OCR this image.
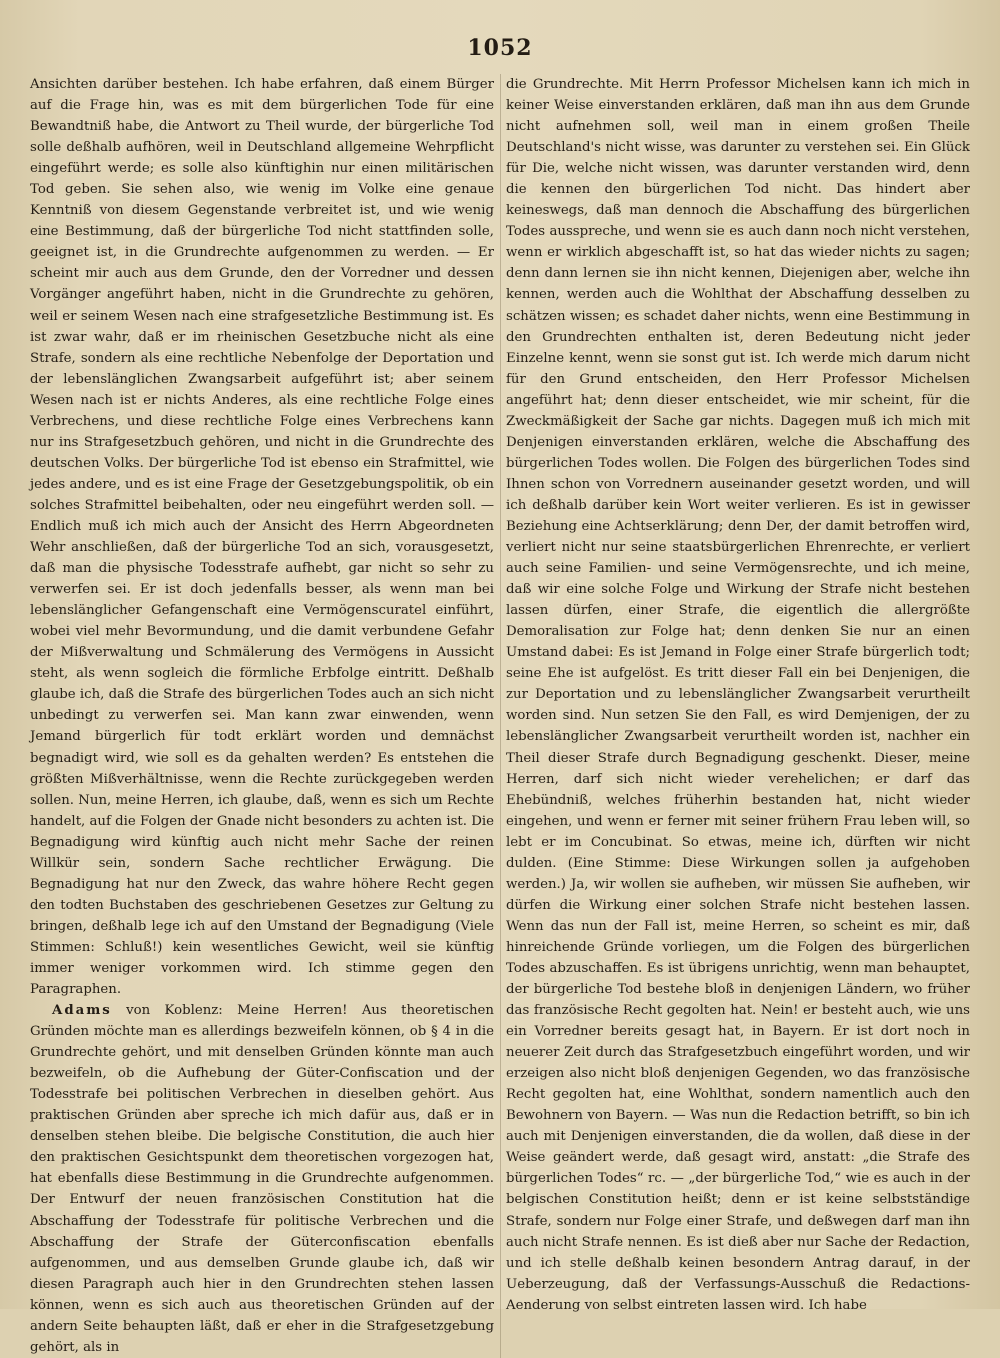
1052

Ansichten darüber bestehen. Ich habe erfahren, daß einem Bürger auf die Frage hin, was es mit dem bürgerlichen Tode für eine Bewandtniß habe, die Antwort zu Theil wurde, der bürgerliche Tod solle deßhalb aufhören, weil in Deutschland allgemeine Wehrpflicht eingeführt werde; es solle also künftighin nur einen militärischen Tod geben. Sie sehen also, wie wenig im Volke eine genaue Kenntniß von diesem Gegenstande verbreitet ist, und wie wenig eine Bestimmung, daß der bürgerliche Tod nicht stattfinden solle, geeignet ist, in die Grundrechte aufgenommen zu werden. — Er scheint mir auch aus dem Grunde, den der Vorredner und dessen Vorgänger angeführt haben, nicht in die Grundrechte zu gehören, weil er seinem Wesen nach eine strafgesetzliche Bestimmung ist. Es ist zwar wahr, daß er im rheinischen Gesetzbuche nicht als eine Strafe, sondern als eine rechtliche Nebenfolge der Deportation und der lebenslänglichen Zwangsarbeit aufgeführt ist; aber seinem Wesen nach ist er nichts Anderes, als eine rechtliche Folge eines Verbrechens, und diese rechtliche Folge eines Verbrechens kann nur ins Strafgesetzbuch gehören, und nicht in die Grundrechte des deutschen Volks. Der bürgerliche Tod ist ebenso ein Strafmittel, wie jedes andere, und es ist eine Frage der Gesetzgebungspolitik, ob ein solches Strafmittel beibehalten, oder neu eingeführt werden soll. — Endlich muß ich mich auch der Ansicht des Herrn Abgeordneten Wehr anschließen, daß der bürgerliche Tod an sich, vorausgesetzt, daß man die physische Todesstrafe aufhebt, gar nicht so sehr zu verwerfen sei. Er ist doch jedenfalls besser, als wenn man bei lebenslänglicher Gefangenschaft eine Vermögenscuratel einführt, wobei viel mehr Bevormundung, und die damit verbundene Gefahr der Mißverwaltung und Schmälerung des Vermögens in Aussicht steht, als wenn sogleich die förmliche Erbfolge eintritt. Deßhalb glaube ich, daß die Strafe des bürgerlichen Todes auch an sich nicht unbedingt zu verwerfen sei. Man kann zwar einwenden, wenn Jemand bürgerlich für todt erklärt worden und demnächst begnadigt wird, wie soll es da gehalten werden? Es entstehen die größten Mißverhältnisse, wenn die Rechte zurückgegeben werden sollen. Nun, meine Herren, ich glaube, daß, wenn es sich um Rechte handelt, auf die Folgen der Gnade nicht besonders zu achten ist. Die Begnadigung wird künftig auch nicht mehr Sache der reinen Willkür sein, sondern Sache rechtlicher Erwägung. Die Begnadigung hat nur den Zweck, das wahre höhere Recht gegen den todten Buchstaben des geschriebenen Gesetzes zur Geltung zu bringen, deßhalb lege ich auf den Umstand der Begnadigung (Viele Stimmen: Schluß!) kein wesentliches Gewicht, weil sie künftig immer weniger vorkommen wird. Ich stimme gegen den Paragraphen.

Adams von Koblenz: Meine Herren! Aus theoretischen Gründen möchte man es allerdings bezweifeln können, ob § 4 in die Grundrechte gehört, und mit denselben Gründen könnte man auch bezweifeln, ob die Aufhebung der Güter-Confiscation und der Todesstrafe bei politischen Verbrechen in dieselben gehört. Aus praktischen Gründen aber spreche ich mich dafür aus, daß er in denselben stehen bleibe. Die belgische Constitution, die auch hier den praktischen Gesichtspunkt dem theoretischen vorgezogen hat, hat ebenfalls diese Bestimmung in die Grundrechte aufgenommen. Der Entwurf der neuen französischen Constitution hat die Abschaffung der Todesstrafe für politische Verbrechen und die Abschaffung der Strafe der Güterconfiscation ebenfalls aufgenommen, und aus demselben Grunde glaube ich, daß wir diesen Paragraph auch hier in den Grundrechten stehen lassen können, wenn es sich auch aus theoretischen Gründen auf der andern Seite behaupten läßt, daß er eher in die Strafgesetzgebung gehört, als in

die Grundrechte. Mit Herrn Professor Michelsen kann ich mich in keiner Weise einverstanden erklären, daß man ihn aus dem Grunde nicht aufnehmen soll, weil man in einem großen Theile Deutschland's nicht wisse, was darunter zu verstehen sei. Ein Glück für Die, welche nicht wissen, was darunter verstanden wird, denn die kennen den bürgerlichen Tod nicht. Das hindert aber keineswegs, daß man dennoch die Abschaffung des bürgerlichen Todes ausspreche, und wenn sie es auch dann noch nicht verstehen, wenn er wirklich abgeschafft ist, so hat das wieder nichts zu sagen; denn dann lernen sie ihn nicht kennen, Diejenigen aber, welche ihn kennen, werden auch die Wohlthat der Abschaffung desselben zu schätzen wissen; es schadet daher nichts, wenn eine Bestimmung in den Grundrechten enthalten ist, deren Bedeutung nicht jeder Einzelne kennt, wenn sie sonst gut ist. Ich werde mich darum nicht für den Grund entscheiden, den Herr Professor Michelsen angeführt hat; denn dieser entscheidet, wie mir scheint, für die Zweckmäßigkeit der Sache gar nichts. Dagegen muß ich mich mit Denjenigen einverstanden erklären, welche die Abschaffung des bürgerlichen Todes wollen. Die Folgen des bürgerlichen Todes sind Ihnen schon von Vorrednern auseinander gesetzt worden, und will ich deßhalb darüber kein Wort weiter verlieren. Es ist in gewisser Beziehung eine Achtserklärung; denn Der, der damit betroffen wird, verliert nicht nur seine staatsbürgerlichen Ehrenrechte, er verliert auch seine Familien- und seine Vermögensrechte, und ich meine, daß wir eine solche Folge und Wirkung der Strafe nicht bestehen lassen dürfen, einer Strafe, die eigentlich die allergrößte Demoralisation zur Folge hat; denn denken Sie nur an einen Umstand dabei: Es ist Jemand in Folge einer Strafe bürgerlich todt; seine Ehe ist aufgelöst. Es tritt dieser Fall ein bei Denjenigen, die zur Deportation und zu lebenslänglicher Zwangsarbeit verurtheilt worden sind. Nun setzen Sie den Fall, es wird Demjenigen, der zu lebenslänglicher Zwangsarbeit verurtheilt worden ist, nachher ein Theil dieser Strafe durch Begnadigung geschenkt. Dieser, meine Herren, darf sich nicht wieder verehelichen; er darf das Ehebündniß, welches früherhin bestanden hat, nicht wieder eingehen, und wenn er ferner mit seiner frühern Frau leben will, so lebt er im Concubinat. So etwas, meine ich, dürften wir nicht dulden. (Eine Stimme: Diese Wirkungen sollen ja aufgehoben werden.) Ja, wir wollen sie aufheben, wir müssen Sie aufheben, wir dürfen die Wirkung einer solchen Strafe nicht bestehen lassen. Wenn das nun der Fall ist, meine Herren, so scheint es mir, daß hinreichende Gründe vorliegen, um die Folgen des bürgerlichen Todes abzuschaffen. Es ist übrigens unrichtig, wenn man behauptet, der bürgerliche Tod bestehe bloß in denjenigen Ländern, wo früher das französische Recht gegolten hat. Nein! er besteht auch, wie uns ein Vorredner bereits gesagt hat, in Bayern. Er ist dort noch in neuerer Zeit durch das Strafgesetzbuch eingeführt worden, und wir erzeigen also nicht bloß denjenigen Gegenden, wo das französische Recht gegolten hat, eine Wohlthat, sondern namentlich auch den Bewohnern von Bayern. — Was nun die Redaction betrifft, so bin ich auch mit Denjenigen einverstanden, die da wollen, daß diese in der Weise geändert werde, daß gesagt wird, anstatt: „die Strafe des bürgerlichen Todes“ rc. — „der bürgerliche Tod,“ wie es auch in der belgischen Constitution heißt; denn er ist keine selbstständige Strafe, sondern nur Folge einer Strafe, und deßwegen darf man ihn auch nicht Strafe nennen. Es ist dieß aber nur Sache der Redaction, und ich stelle deßhalb keinen besondern Antrag darauf, in der Ueberzeugung, daß der Verfassungs-Ausschuß die Redactions-Aenderung von selbst eintreten lassen wird. Ich habe
